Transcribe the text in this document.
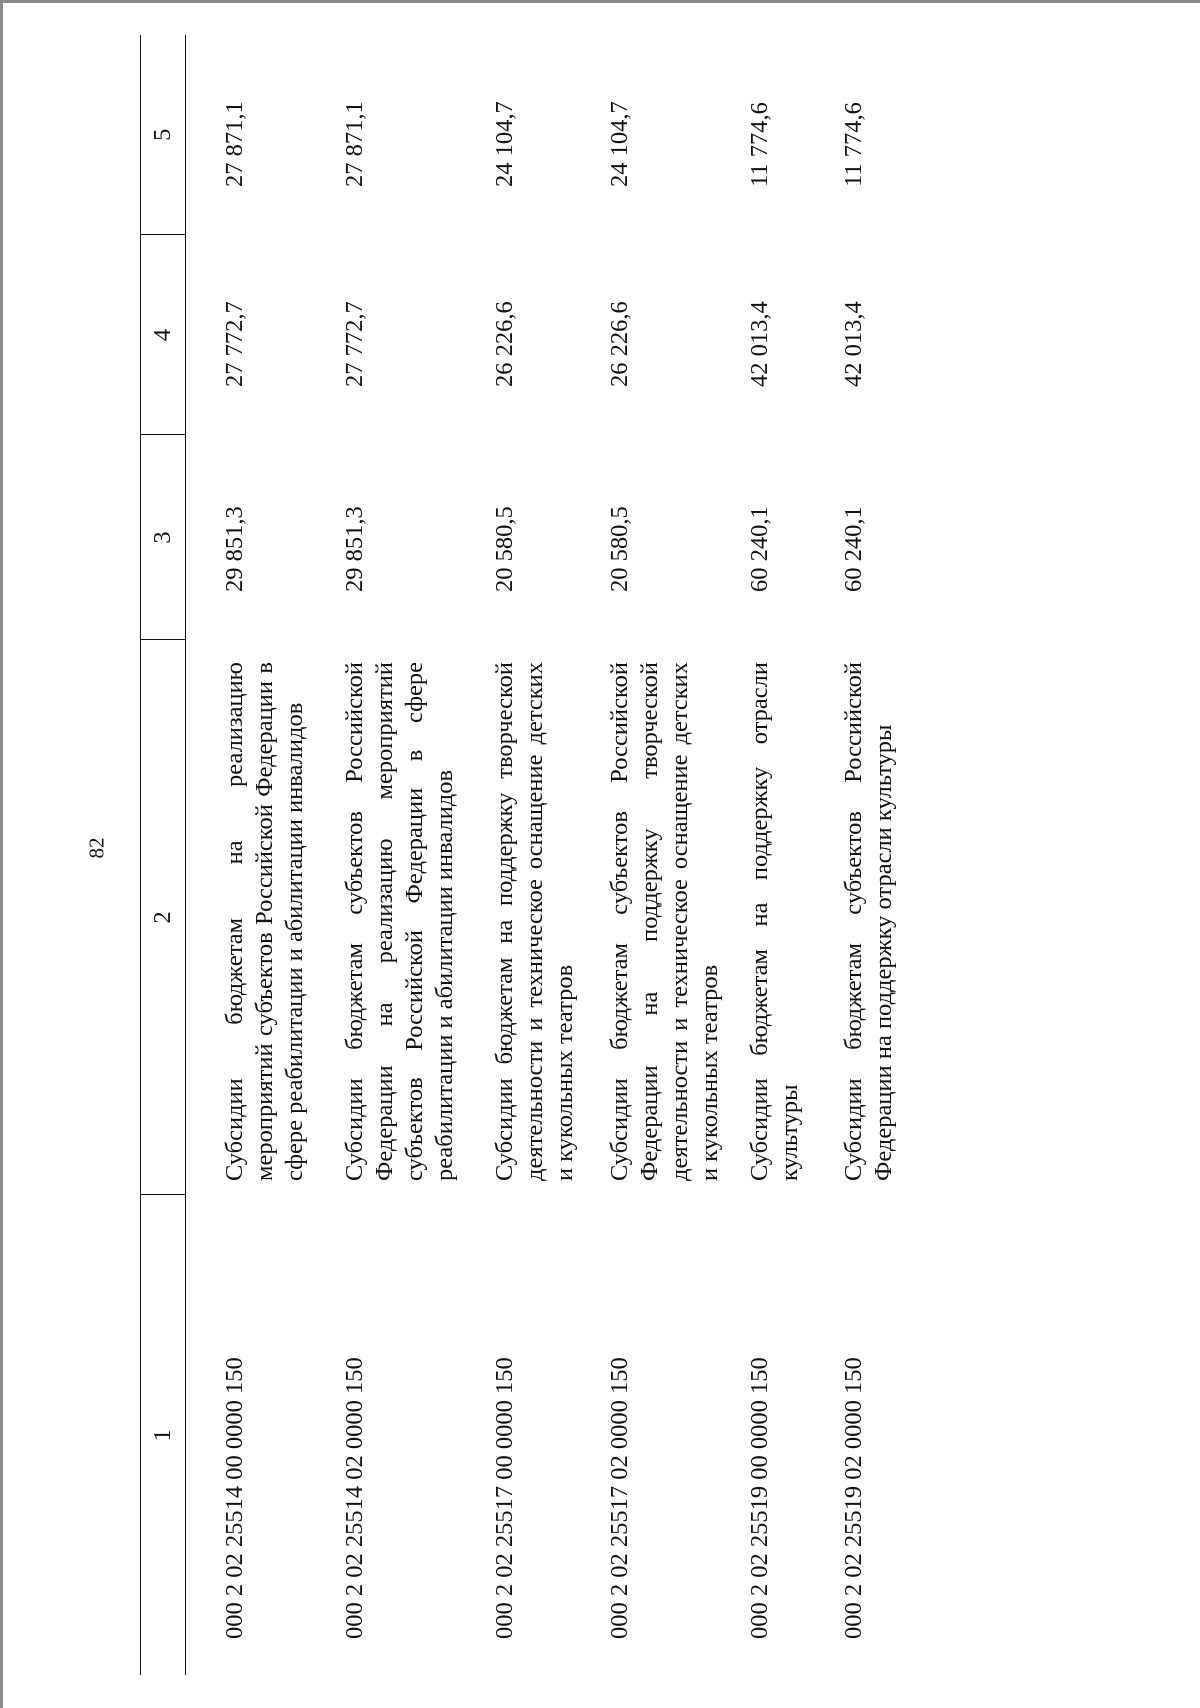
82
1	2	3	4	5
000 2 02 25514 00 0000 150	Субсидии бюджетам на реализацию мероприятий субъектов Российской Федерации в сфере реабилитации и абилитации инвалидов	29 851,3	27 772,7	27 871,1

000 2 02 25514 02 0000 150	Субсидии бюджетам субъектов Российской Федерации на реализацию мероприятий субъектов Российской Федерации в сфере реабилитации и абилитации инвалидов	29 851,3	27 772,7	27 871,1

000 2 02 25517 00 0000 150	Субсидии бюджетам на поддержку творческой деятельности и техническое оснащение детских и кукольных театров	20 580,5	26 226,6	24 104,7

000 2 02 25517 02 0000 150	Субсидии бюджетам субъектов Российской Федерации на поддержку творческой деятельности и техническое оснащение детских и кукольных театров	20 580,5	26 226,6	24 104,7

000 2 02 25519 00 0000 150	Субсидии бюджетам на поддержку отрасли культуры	60 240,1	42 013,4	11 774,6

000 2 02 25519 02 0000 150	Субсидии бюджетам субъектов Российской Федерации на поддержку отрасли культуры	60 240,1	42 013,4	11 774,6
